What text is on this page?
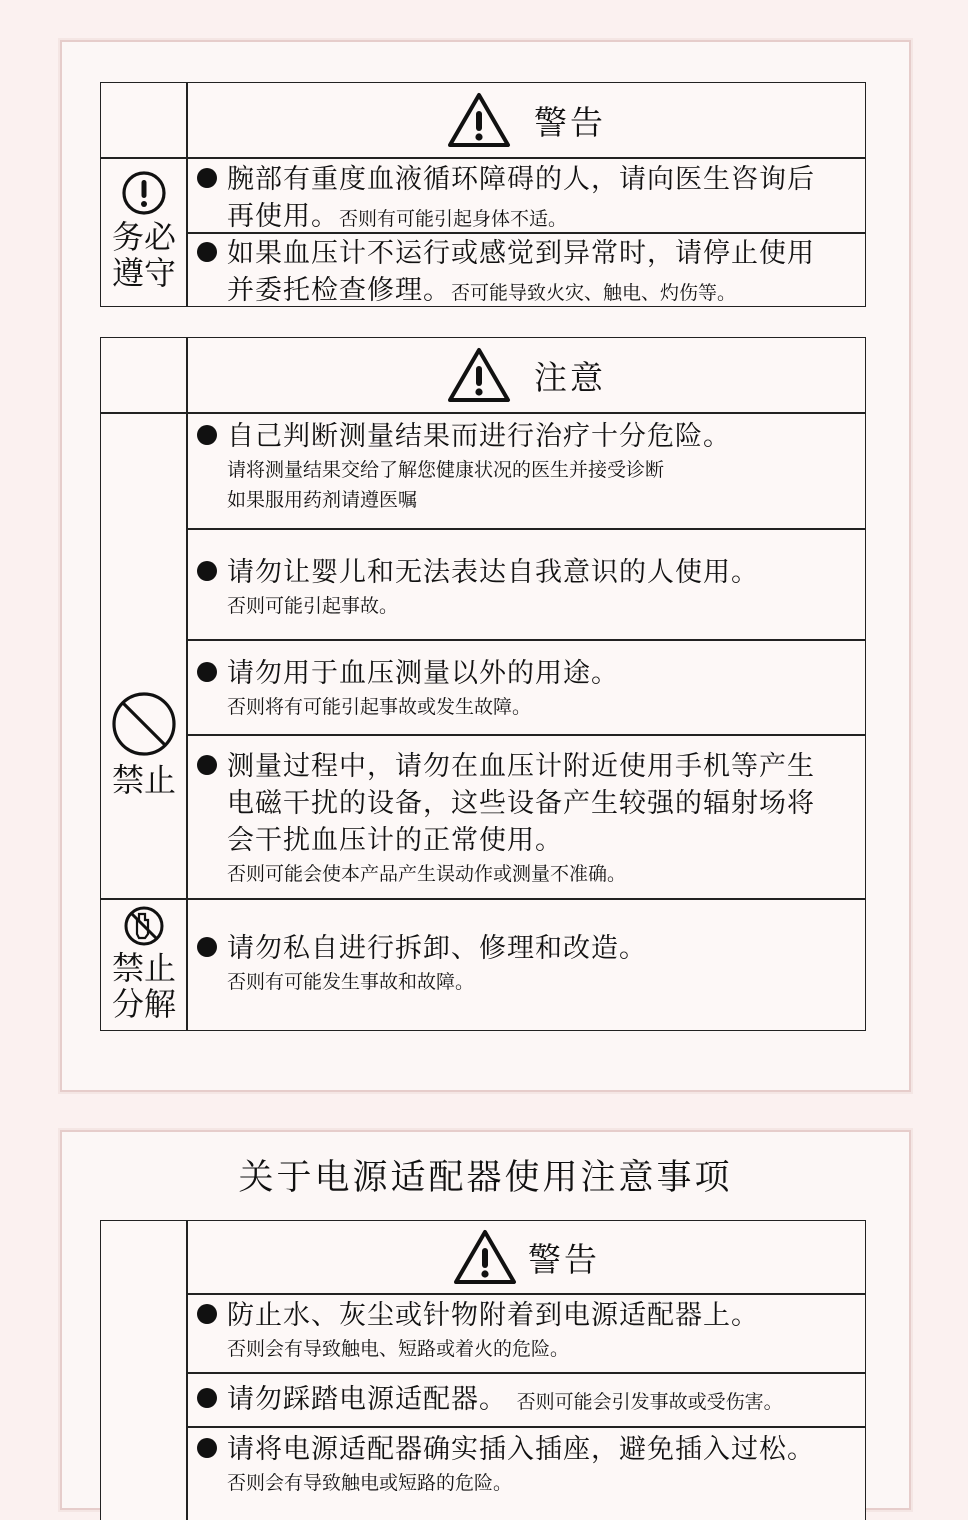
警告
务必
遵守
腕部有重度血液循环障碍的人，请向医生咨询后
再使用。否则有可能引起身体不适。
如果血压计不运行或感觉到异常时，请停止使用
并委托检查修理。否可能导致火灾、触电、灼伤等。
注意
禁止
禁止
分解
自己判断测量结果而进行治疗十分危险。
请将测量结果交给了解您健康状况的医生并接受诊断
如果服用药剂请遵医嘱
请勿让婴儿和无法表达自我意识的人使用。
否则可能引起事故。
请勿用于血压测量以外的用途。
否则将有可能引起事故或发生故障。
测量过程中，请勿在血压计附近使用手机等产生
电磁干扰的设备，这些设备产生较强的辐射场将
会干扰血压计的正常使用。
否则可能会使本产品产生误动作或测量不准确。
请勿私自进行拆卸、修理和改造。
否则有可能发生事故和故障。
关于电源适配器使用注意事项
警告
防止水、灰尘或针物附着到电源适配器上。
否则会有导致触电、短路或着火的危险。
请勿踩踏电源适配器。 否则可能会引发事故或受伤害。
请将电源适配器确实插入插座，避免插入过松。
否则会有导致触电或短路的危险。
